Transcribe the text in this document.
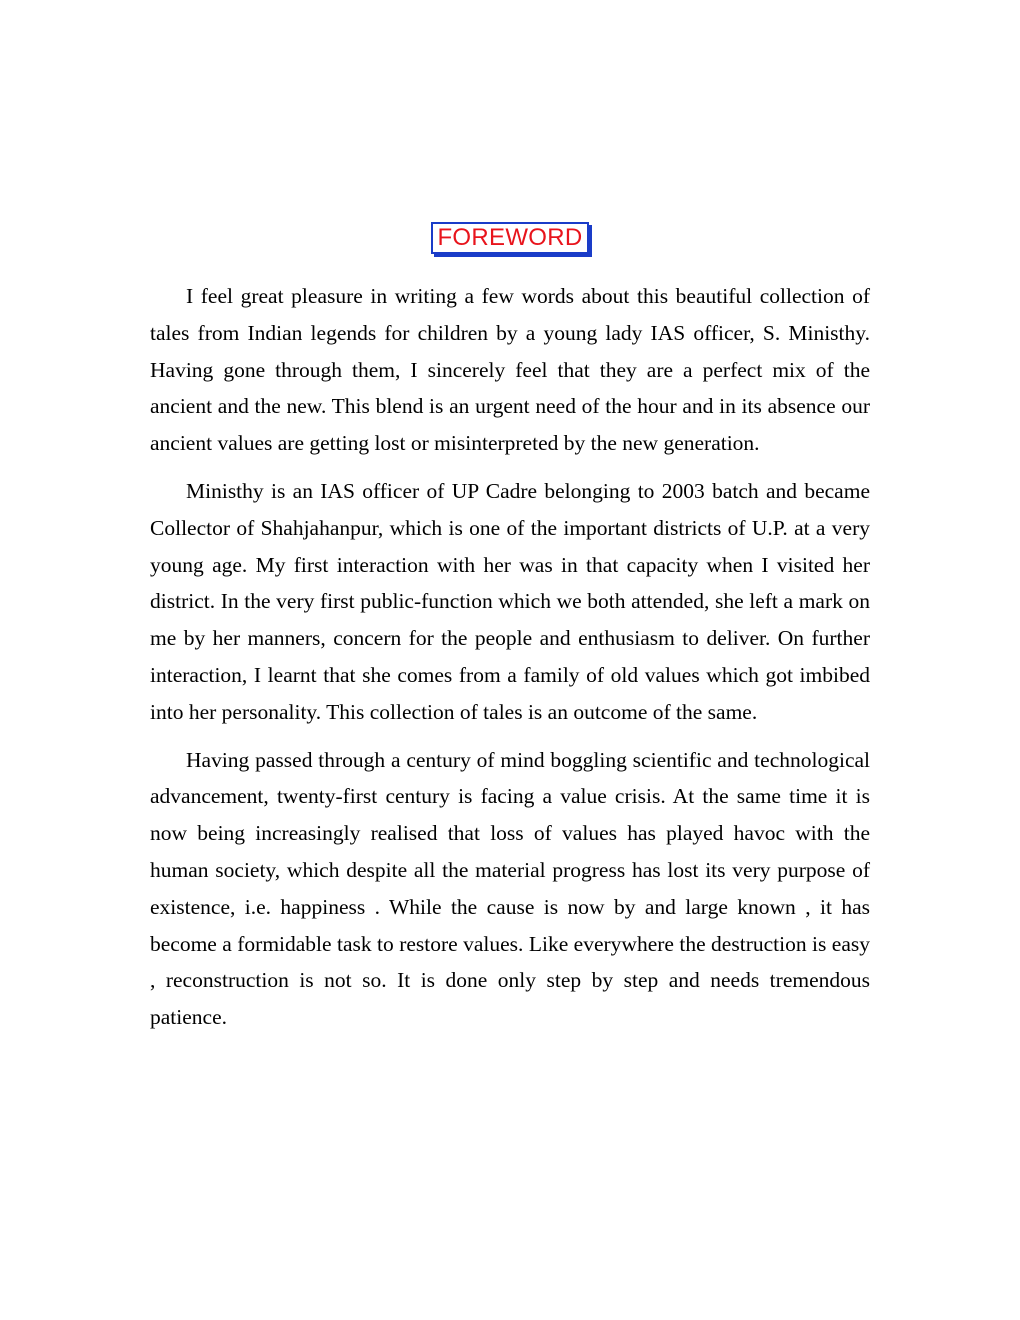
FOREWORD

I feel great pleasure in writing a few words about this beautiful collection of tales from Indian legends for children by a young lady IAS officer, S. Ministhy. Having gone through them, I sincerely feel that they are a perfect mix of the ancient and the new. This blend is an urgent need of the hour and in its absence our ancient values are getting lost or misinterpreted by the new generation.

Ministhy is an IAS officer of UP Cadre belonging to 2003 batch and became Collector of Shahjahanpur, which is one of the important districts of U.P. at a very young age. My first interaction with her was in that capacity when I visited her district. In the very first public-function which we both attended, she left a mark on me by her manners, concern for the people and enthusiasm to deliver. On further interaction, I learnt that she comes from a family of old values which got imbibed into her personality. This collection of tales is an outcome of the same.

Having passed through a century of mind boggling scientific and technological advancement, twenty-first century is facing a value crisis. At the same time it is now being increasingly realised that loss of values has played havoc with the human society, which despite all the material progress has lost its very purpose of existence, i.e. happiness . While the cause is now by and large known , it has become a formidable task to restore values. Like everywhere the destruction is easy , reconstruction is not so. It is done only step by step and needs tremendous patience.
